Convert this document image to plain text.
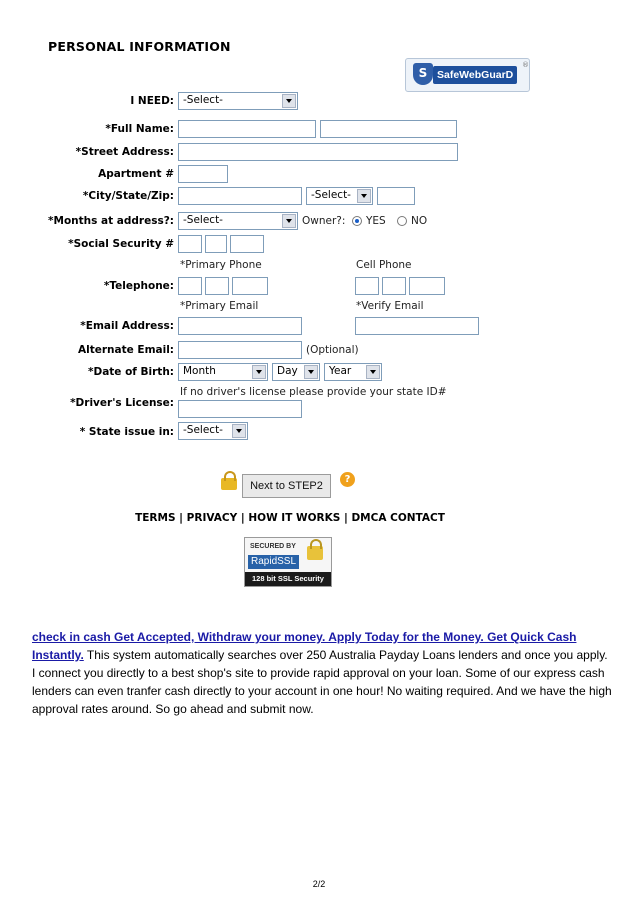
PERSONAL INFORMATION
S SafeWebGuarD
®
I NEED: -Select-
*Full Name:
*Street Address:
Apartment #
*City/State/Zip:	-Select-
*Months at address?: -Select-	Owner?: YES NO
*Social Security #
*Primary Phone	Cell Phone
*Telephone:
*Primary Email	*Verify Email
*Email Address:
Alternate Email:	(Optional)
*Date of Birth: Month	Day	Year
If no driver's license please provide your state ID#
*Driver's License:
* State issue in: -Select-
Next to STEP2
?
TERMS | PRIVACY | HOW IT WORKS | DMCA CONTACT
SECURED BY
RapidSSL
128 bit SSL Security
check in cash Get Accepted, Withdraw your money. Apply Today for the Money. Get Quick Cash Instantly. This system automatically searches over 250 Australia Payday Loans lenders and once you apply. I connect you directly to a best shop's site to provide rapid approval on your loan. Some of our express cash lenders can even tranfer cash directly to your account in one hour! No waiting required. And we have the high approval rates around. So go ahead and submit now.
2/2
